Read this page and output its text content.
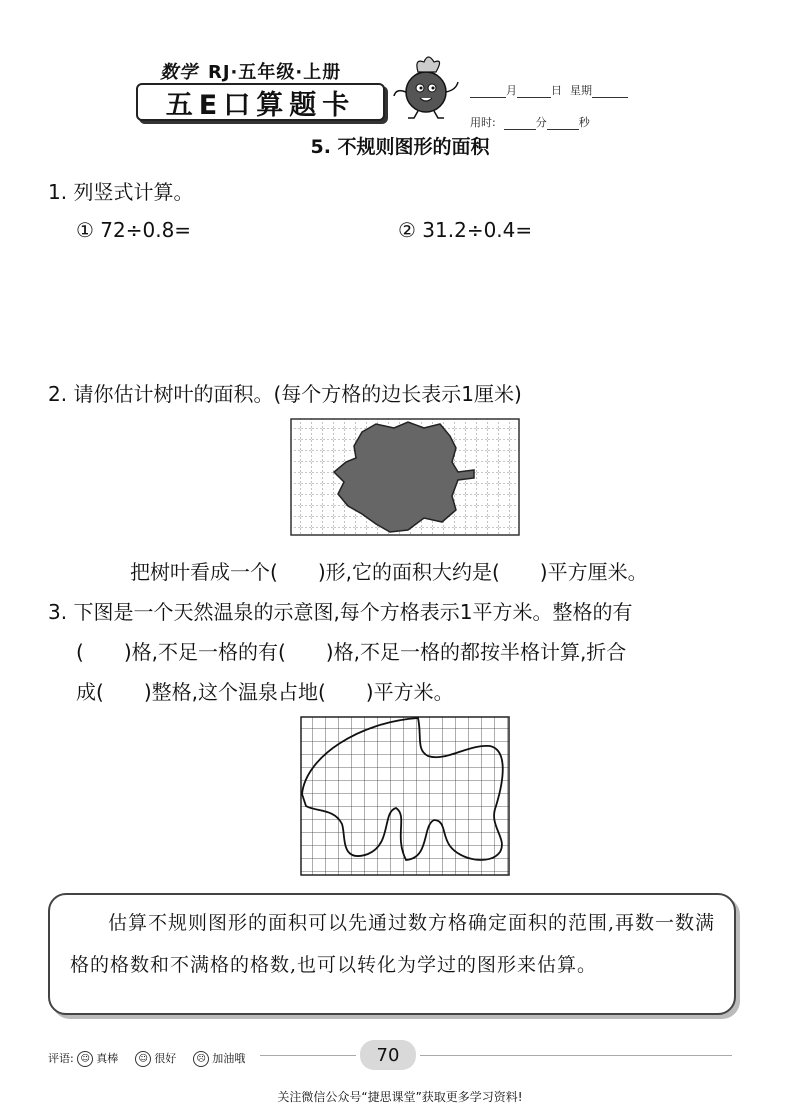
数学 RJ·五年级·上册
五E口算题卡	月	日 星期
用时:	分	秒
5. 不规则图形的面积
1. 列竖式计算。
① 72÷0.8=	② 31.2÷0.4=
2. 请你估计树叶的面积。(每个方格的边长表示1厘米)
把树叶看成一个( )形,它的面积大约是( )平方厘米。
3. 下图是一个天然温泉的示意图,每个方格表示1平方米。整格的有
( )格,不足一格的有( )格,不足一格的都按半格计算,折合
成( )整格,这个温泉占地( )平方米。
估算不规则图形的面积可以先通过数方格确定面积的范围,再数一数满格的格数和不满格的格数,也可以转化为学过的图形来估算。
评语: ☺ 真棒 ☺ 很好 ☹ 加油哦	70
关注微信公众号“捷思课堂”获取更多学习资料!
